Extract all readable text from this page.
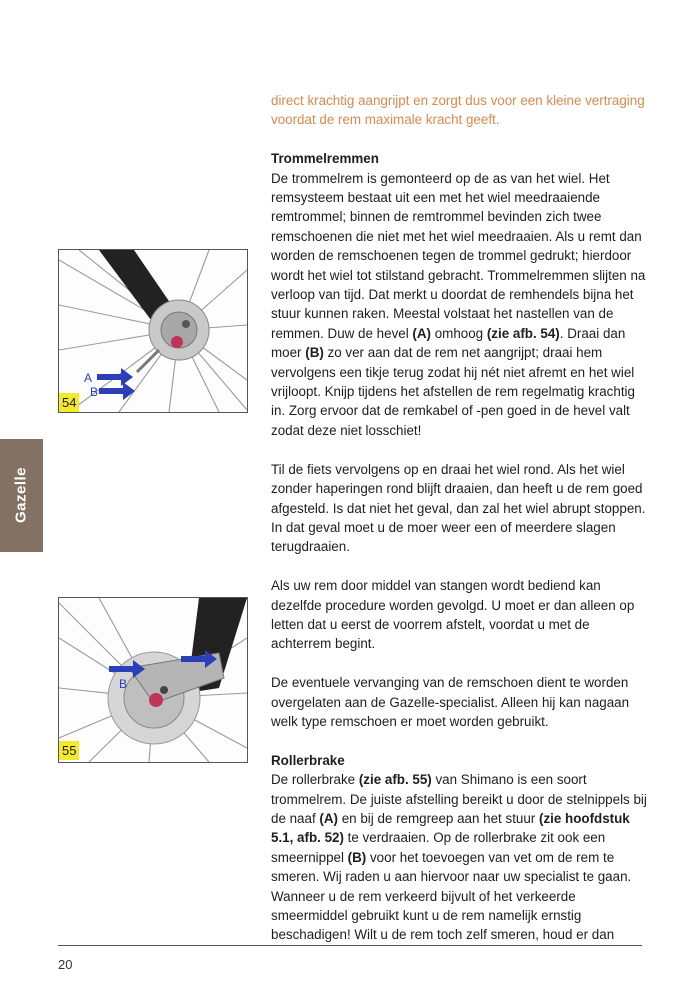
Gazelle
A
B
54
B
55

direct krachtig aangrijpt en zorgt dus voor een kleine vertraging voordat de rem maximale kracht geeft.

Trommelremmen
De trommelrem is gemonteerd op de as van het wiel. Het remsysteem bestaat uit een met het wiel meedraaiende remtrommel; binnen de remtrommel bevinden zich twee remschoenen die niet met het wiel meedraaien. Als u remt dan worden de remschoenen tegen de trommel gedrukt; hierdoor wordt het wiel tot stilstand gebracht. Trommelremmen slijten na verloop van tijd. Dat merkt u doordat de remhendels bijna het stuur kunnen raken. Meestal volstaat het nastellen van de remmen. Duw de hevel (A) omhoog (zie afb. 54). Draai dan moer (B) zo ver aan dat de rem net aangrijpt; draai hem vervolgens een tikje terug zodat hij nét niet afremt en het wiel vrijloopt. Knijp tijdens het afstellen de rem regelmatig krachtig in. Zorg ervoor dat de remkabel of -pen goed in de hevel valt zodat deze niet losschiet!

Til de fiets vervolgens op en draai het wiel rond. Als het wiel zonder haperingen rond blijft draaien, dan heeft u de rem goed afgesteld. Is dat niet het geval, dan zal het wiel abrupt stoppen. In dat geval moet u de moer weer een of meerdere slagen terugdraaien.

Als uw rem door middel van stangen wordt bediend kan dezelfde procedure worden gevolgd. U moet er dan alleen op letten dat u eerst de voorrem afstelt, voordat u met de achterrem begint.

De eventuele vervanging van de remschoen dient te worden overgelaten aan de Gazelle-specialist. Alleen hij kan nagaan welk type remschoen er moet worden gebruikt.

Rollerbrake
De rollerbrake (zie afb. 55) van Shimano is een soort trommelrem. De juiste afstelling bereikt u door de stelnippels bij de naaf (A) en bij de remgreep aan het stuur (zie hoofdstuk 5.1, afb. 52) te verdraaien. Op de rollerbrake zit ook een smeernippel (B) voor het toevoegen van vet om de rem te smeren. Wij raden u aan hiervoor naar uw specialist te gaan. Wanneer u de rem verkeerd bijvult of het verkeerde smeermiddel gebruikt kunt u de rem namelijk ernstig beschadigen! Wilt u de rem toch zelf smeren, houd er dan

20
